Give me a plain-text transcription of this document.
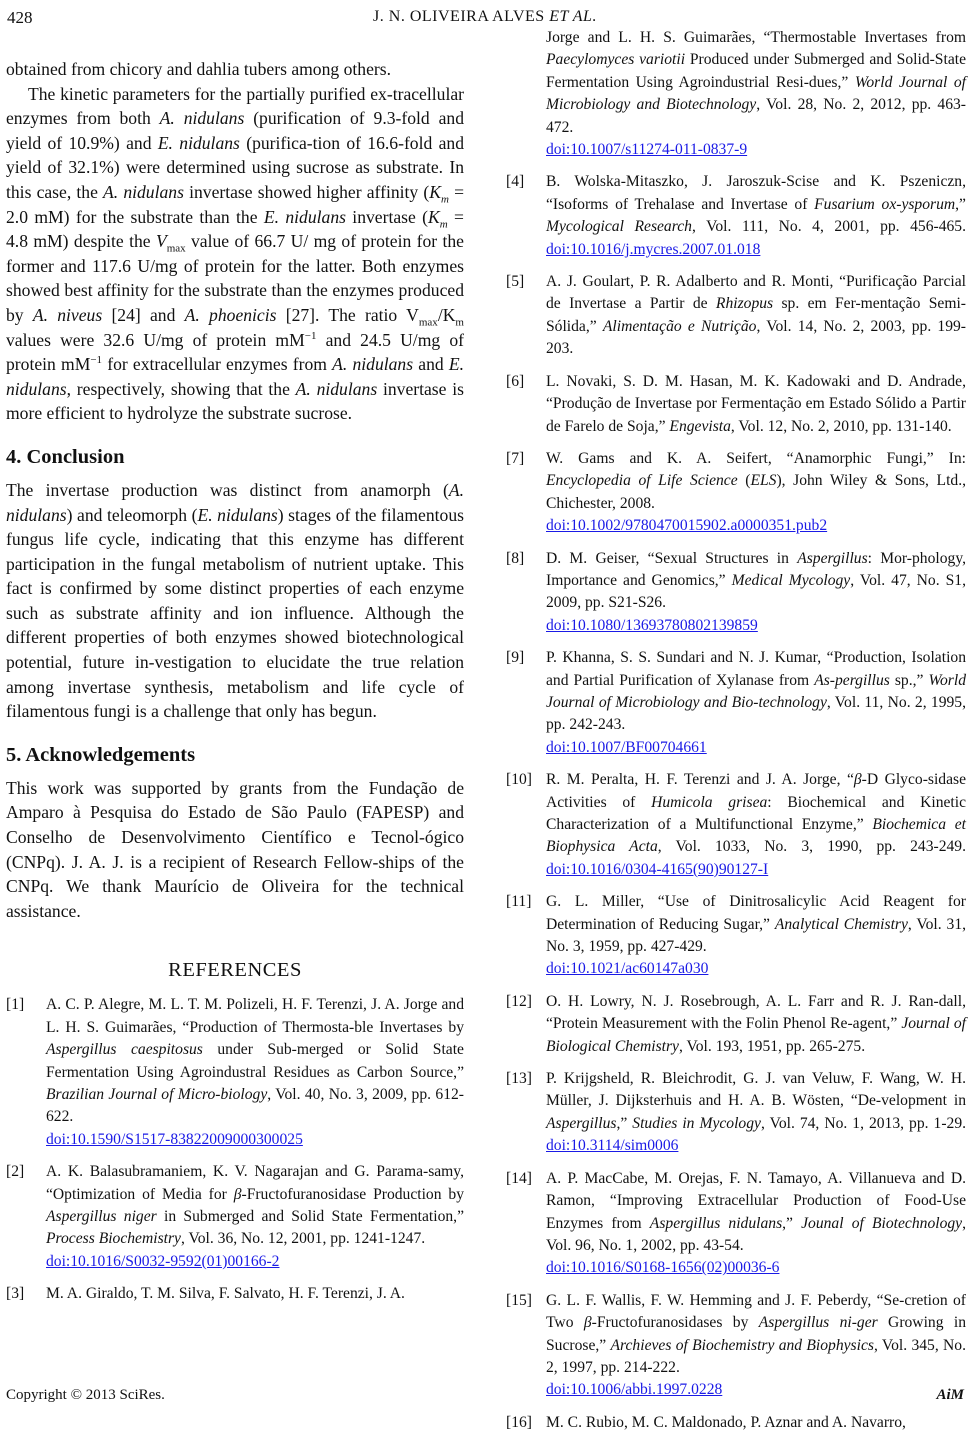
428	J. N. OLIVEIRA ALVES ET AL.

obtained from chicory and dahlia tubers among others.

The kinetic parameters for the partially purified ex-tracellular enzymes from both A. nidulans (purification of 9.3-fold and yield of 10.9%) and E. nidulans (purifica-tion of 16.6-fold and yield of 32.1%) were determined using sucrose as substrate. In this case, the A. nidulans invertase showed higher affinity ($K_m = 2.0$ mM) for the substrate than the E. nidulans invertase ($K_m = 4.8$ mM) despite the $V_{max}$ value of 66.7 U/ mg of protein for the former and 117.6 U/mg of protein for the latter. Both enzymes showed best affinity for the substrate than the enzymes produced by A. niveus [24] and A. phoenicis [27]. The ratio $V_{max}/K_m$ values were 32.6 U/mg of protein $mM^{-1}$ and 24.5 U/mg of protein $mM^{-1}$ for extracellular enzymes from A. nidulans and E. nidulans, respectively, showing that the A. nidulans invertase is more efficient to hydrolyze the substrate sucrose.

4. Conclusion

The invertase production was distinct from anamorph (A. nidulans) and teleomorph (E. nidulans) stages of the filamentous fungus life cycle, indicating that this enzyme has different participation in the fungal metabolism of nutrient uptake. This fact is confirmed by some distinct properties of each enzyme such as substrate affinity and ion influence. Although the different properties of both enzymes showed biotechnological potential, future in-vestigation to elucidate the true relation among invertase synthesis, metabolism and life cycle of filamentous fungi is a challenge that only has begun.

5. Acknowledgements

This work was supported by grants from the Fundação de Amparo à Pesquisa do Estado de São Paulo (FAPESP) and Conselho de Desenvolvimento Científico e Tecnol-ógico (CNPq). J. A. J. is a recipient of Research Fellow-ships of the CNPq. We thank Maurício de Oliveira for the technical assistance.

REFERENCES
[1] A. C. P. Alegre, M. L. T. M. Polizeli, H. F. Terenzi, J. A. Jorge and L. H. S. Guimarães, “Production of Thermosta-ble Invertases by Aspergillus caespitosus under Sub-merged or Solid State Fermentation Using Agroindustral Residues as Carbon Source,” Brazilian Journal of Micro-biology, Vol. 40, No. 3, 2009, pp. 612-622.
doi:10.1590/S1517-83822009000300025
[2] A. K. Balasubramaniem, K. V. Nagarajan and G. Parama-samy, “Optimization of Media for β-Fructofuranosidase Production by Aspergillus niger in Submerged and Solid State Fermentation,” Process Biochemistry, Vol. 36, No. 12, 2001, pp. 1241-1247.
doi:10.1016/S0032-9592(01)00166-2
[3] M. A. Giraldo, T. M. Silva, F. Salvato, H. F. Terenzi, J. A.
Jorge and L. H. S. Guimarães, “Thermostable Invertases from Paecylomyces variotii Produced under Submerged and Solid-State Fermentation Using Agroindustrial Resi-dues,” World Journal of Microbiology and Biotechnology, Vol. 28, No. 2, 2012, pp. 463-472.
doi:10.1007/s11274-011-0837-9
[4] B. Wolska-Mitaszko, J. Jaroszuk-Scise and K. Pszeniczn, “Isoforms of Trehalase and Invertase of Fusarium ox-ysporum,” Mycological Research, Vol. 111, No. 4, 2001, pp. 456-465. doi:10.1016/j.mycres.2007.01.018
[5] A. J. Goulart, P. R. Adalberto and R. Monti, “Purificação Parcial de Invertase a Partir de Rhizopus sp. em Fer-mentação Semi-Sólida,” Alimentação e Nutrição, Vol. 14, No. 2, 2003, pp. 199-203.
[6] L. Novaki, S. D. M. Hasan, M. K. Kadowaki and D. Andrade, “Produção de Invertase por Fermentação em Estado Sólido a Partir de Farelo de Soja,” Engevista, Vol. 12, No. 2, 2010, pp. 131-140.
[7] W. Gams and K. A. Seifert, “Anamorphic Fungi,” In: Encyclopedia of Life Science (ELS), John Wiley & Sons, Ltd., Chichester, 2008.
doi:10.1002/9780470015902.a0000351.pub2
[8] D. M. Geiser, “Sexual Structures in Aspergillus: Mor-phology, Importance and Genomics,” Medical Mycology, Vol. 47, No. S1, 2009, pp. S21-S26.
doi:10.1080/13693780802139859
[9] P. Khanna, S. S. Sundari and N. J. Kumar, “Production, Isolation and Partial Purification of Xylanase from As-pergillus sp.,” World Journal of Microbiology and Bio-technology, Vol. 11, No. 2, 1995, pp. 242-243.
doi:10.1007/BF00704661
[10] R. M. Peralta, H. F. Terenzi and J. A. Jorge, “β-D Glyco-sidase Activities of Humicola grisea: Biochemical and Kinetic Characterization of a Multifunctional Enzyme,” Biochemica et Biophysica Acta, Vol. 1033, No. 3, 1990, pp. 243-249. doi:10.1016/0304-4165(90)90127-I
[11] G. L. Miller, “Use of Dinitrosalicylic Acid Reagent for Determination of Reducing Sugar,” Analytical Chemistry, Vol. 31, No. 3, 1959, pp. 427-429.
doi:10.1021/ac60147a030
[12] O. H. Lowry, N. J. Rosebrough, A. L. Farr and R. J. Ran-dall, “Protein Measurement with the Folin Phenol Re-agent,” Journal of Biological Chemistry, Vol. 193, 1951, pp. 265-275.
[13] P. Krijgsheld, R. Bleichrodit, G. J. van Veluw, F. Wang, W. H. Müller, J. Dijksterhuis and H. A. B. Wösten, “De-velopment in Aspergillus,” Studies in Mycology, Vol. 74, No. 1, 2013, pp. 1-29. doi:10.3114/sim0006
[14] A. P. MacCabe, M. Orejas, F. N. Tamayo, A. Villanueva and D. Ramon, “Improving Extracellular Production of Food-Use Enzymes from Aspergillus nidulans,” Jounal of Biotechnology, Vol. 96, No. 1, 2002, pp. 43-54.
doi:10.1016/S0168-1656(02)00036-6
[15] G. L. F. Wallis, F. W. Hemming and J. F. Peberdy, “Se-cretion of Two β-Fructofuranosidases by Aspergillus ni-ger Growing in Sucrose,” Archieves of Biochemistry and Biophysics, Vol. 345, No. 2, 1997, pp. 214-222.
doi:10.1006/abbi.1997.0228
[16] M. C. Rubio, M. C. Maldonado, P. Aznar and A. Navarro,
Copyright © 2013 SciRes.	AiM
